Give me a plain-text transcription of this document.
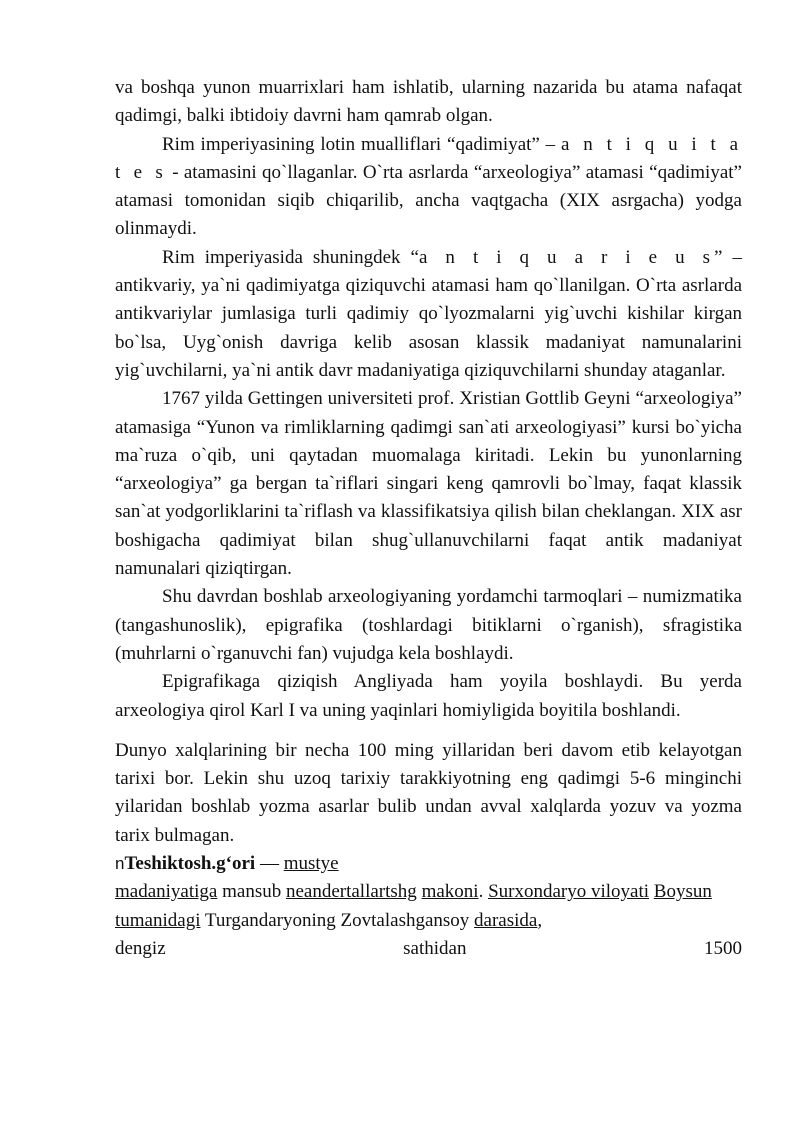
va boshqa yunon muarrixlari ham ishlatib, ularning nazarida bu atama nafaqat qadimgi, balki ibtidoiy davrni ham qamrab olgan.

Rim imperiyasining lotin mualliflari “qadimiyat” – a n t i q u i t a t e s - atamasini qo`llaganlar. O`rta asrlarda “arxeologiya” atamasi “qadimiyat” atamasi tomonidan siqib chiqarilib, ancha vaqtgacha (XIX asrgacha) yodga olinmaydi.

Rim imperiyasida shuningdek “a n t i q u a r i e u s” – antikvariy, ya`ni qadimiyatga qiziquvchi atamasi ham qo`llanilgan. O`rta asrlarda antikvariylar jumlasiga turli qadimiy qo`lyozmalarni yig`uvchi kishilar kirgan bo`lsa, Uyg`onish davriga kelib asosan klassik madaniyat namunalarini yig`uvchilarni, ya`ni antik davr madaniyatiga qiziquvchilarni shunday ataganlar.

1767 yilda Gettingen universiteti prof. Xristian Gottlib Geyni “arxeologiya” atamasiga “Yunon va rimliklarning qadimgi san`ati arxeologiyasi” kursi bo`yicha ma`ruza o`qib, uni qaytadan muomalaga kiritadi. Lekin bu yunonlarning “arxeologiya” ga bergan ta`riflari singari keng qamrovli bo`lmay, faqat klassik san`at yodgorliklarini ta`riflash va klassifikatsiya qilish bilan cheklangan. XIX asr boshigacha qadimiyat bilan shug`ullanuvchilarni faqat antik madaniyat namunalari qiziqtirgan.

Shu davrdan boshlab arxeologiyaning yordamchi tarmoqlari – numizmatika (tangashunoslik), epigrafika (toshlardagi bitiklarni o`rganish), sfragistika (muhrlarni o`rganuvchi fan) vujudga kela boshlaydi.

Epigrafikaga qiziqish Angliyada ham yoyila boshlaydi. Bu yerda arxeologiya qirol Karl I va uning yaqinlari homiyligida boyitila boshlandi.

Dunyo xalqlarining bir necha 100 ming yillaridan beri davom etib kelayotgan tarixi bor. Lekin shu uzoq tarixiy tarakkiyotning eng qadimgi 5-6 minginchi yilaridan boshlab yozma asarlar bulib undan avval xalqlarda yozuv va yozma tarix bulmagan.

nTeshiktosh.g‘ori — mustye
madaniyatiga mansub neandertallartshg makoni. Surxondaryo viloyati Boysun tumanidagi Turgandaryoning Zovtalashgansoy darasida,

dengiz	sathidan	1500
